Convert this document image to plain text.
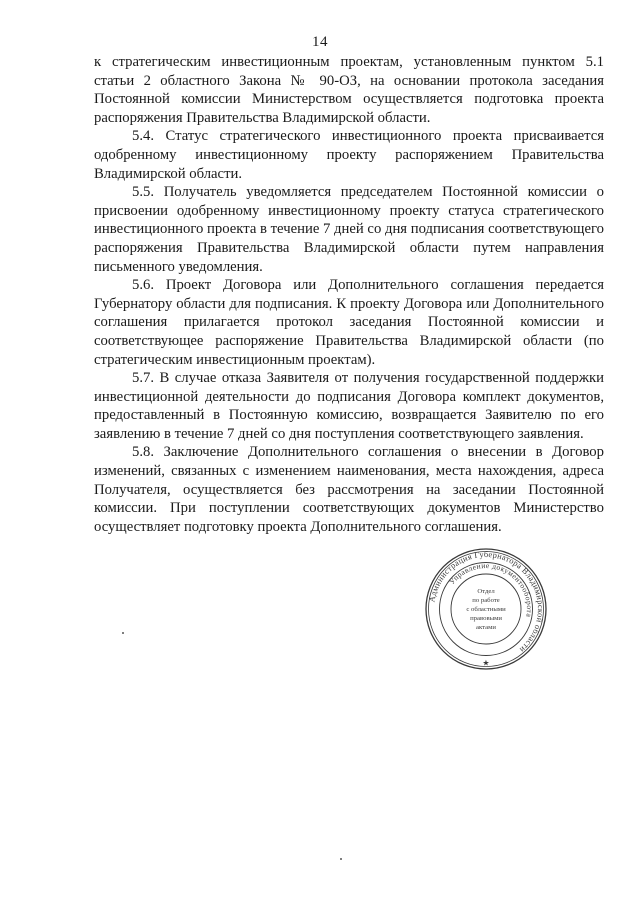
14

к стратегическим инвестиционным проектам, установленным пунктом 5.1 статьи 2 областного Закона № 90-ОЗ, на основании протокола заседания Постоянной комиссии Министерством осуществляется подготовка проекта распоряжения Правительства Владимирской области.

5.4. Статус стратегического инвестиционного проекта присваивается одобренному инвестиционному проекту распоряжением Правительства Владимирской области.

5.5. Получатель уведомляется председателем Постоянной комиссии о присвоении одобренному инвестиционному проекту статуса стратегического инвестиционного проекта в течение 7 дней со дня подписания соответствующего распоряжения Правительства Владимирской области путем направления письменного уведомления.

5.6. Проект Договора или Дополнительного соглашения передается Губернатору области для подписания. К проекту Договора или Дополнительного соглашения прилагается протокол заседания Постоянной комиссии и соответствующее распоряжение Правительства Владимирской области (по стратегическим инвестиционным проектам).

5.7. В случае отказа Заявителя от получения государственной поддержки инвестиционной деятельности до подписания Договора комплект документов, предоставленный в Постоянную комиссию, возвращается Заявителю по его заявлению в течение 7 дней со дня поступления соответствующего заявления.

5.8. Заключение Дополнительного соглашения о внесении в Договор изменений, связанных с изменением наименования, места нахождения, адреса Получателя, осуществляется без рассмотрения на заседании Постоянной комиссии. При поступлении соответствующих документов Министерство осуществляет подготовку проекта Дополнительного соглашения.

Администрация Губернатора Владимирской области
Управление документооборота
★
Отдел
по работе
с областными
правовыми
актами
